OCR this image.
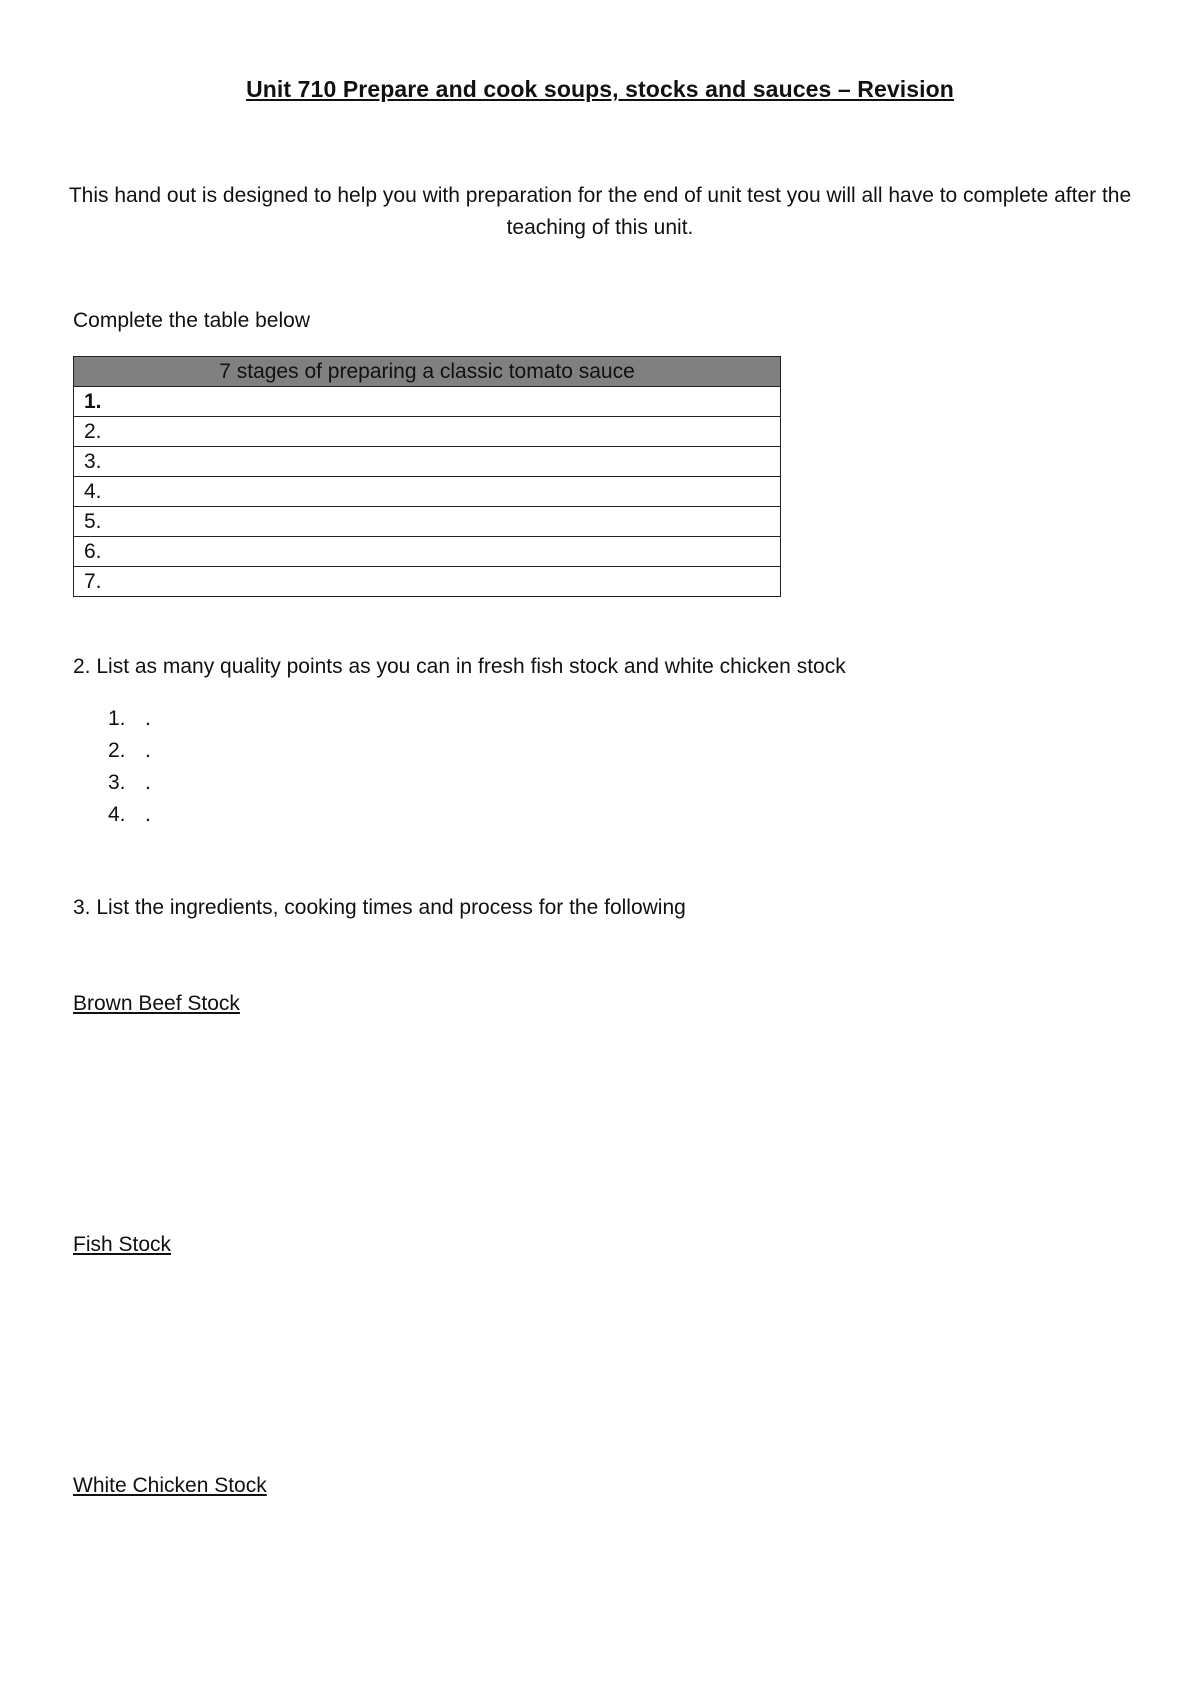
Unit 710 Prepare and cook soups, stocks and sauces – Revision
This hand out is designed to help you with preparation for the end of unit test you will all have to complete after the teaching of this unit.
Complete the table below
7 stages of preparing a classic tomato sauce
1.
2.
3.
4.
5.
6.
7.
2. List as many quality points as you can in fresh fish stock and white chicken stock
1. .
2. .
3. .
4. .
3. List the ingredients, cooking times and process for the following
Brown Beef Stock
Fish Stock
White Chicken Stock
